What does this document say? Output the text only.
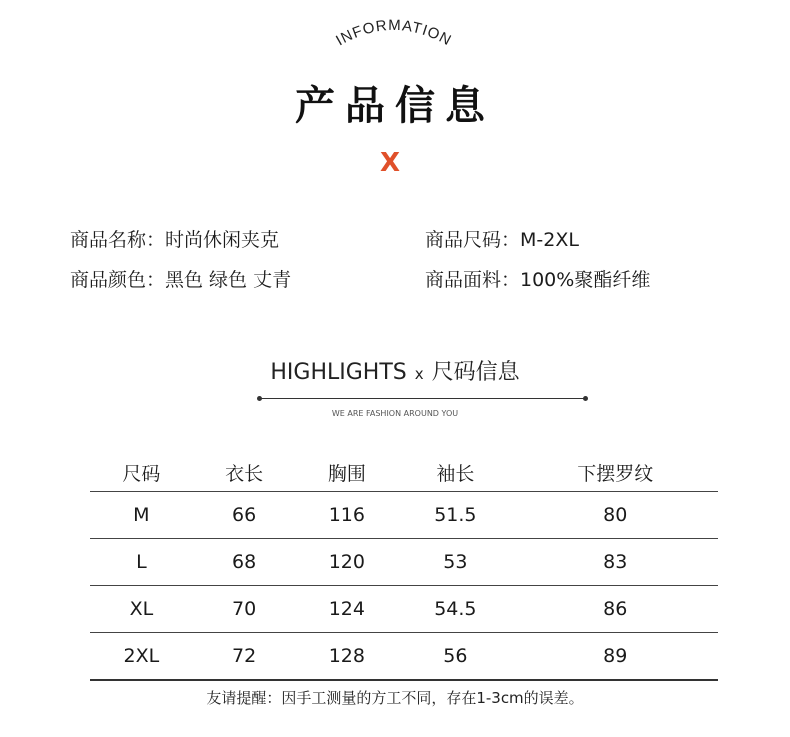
INFORMATION
产品信息
X
商品名称：时尚休闲夹克	商品尺码：M-2XL
商品颜色：黑色 绿色 丈青	商品面料：100%聚酯纤维
HIGHLIGHTS x 尺码信息
WE ARE FASHION AROUND YOU
尺码	衣长	胸围	袖长	下摆罗纹
M	66	116	51.5	80
L	68	120	53	83
XL	70	124	54.5	86
2XL	72	128	56	89
友请提醒：因手工测量的方工不同，存在1-3cm的误差。
